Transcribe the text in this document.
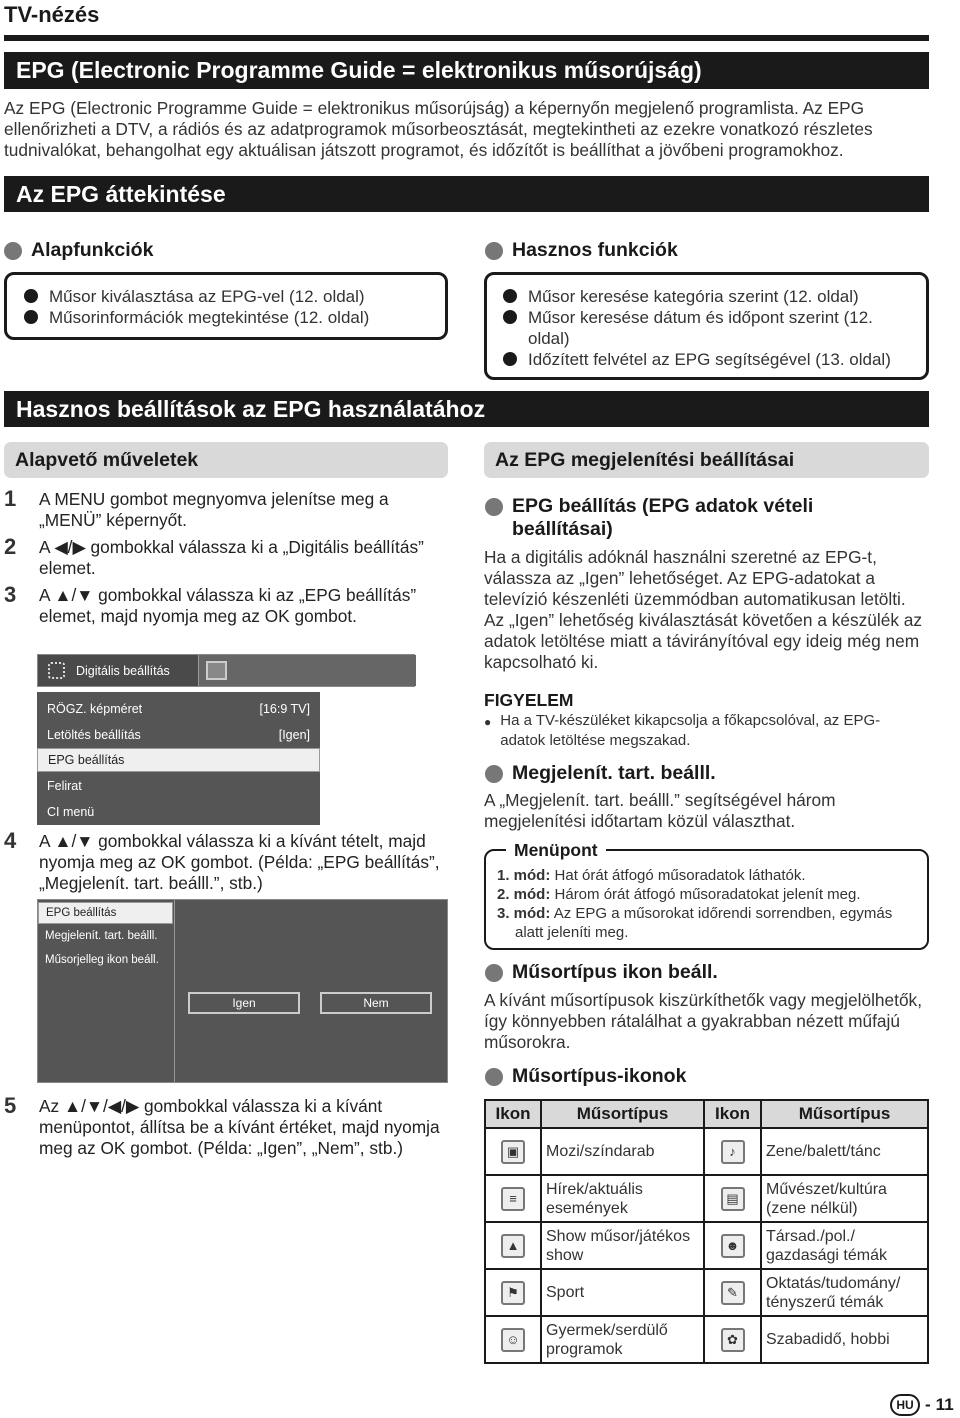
TV-nézés
EPG (Electronic Programme Guide = elektronikus műsorújság)
Az EPG (Electronic Programme Guide = elektronikus műsorújság) a képernyőn megjelenő programlista. Az EPG ellenőrizheti a DTV, a rádiós és az adatprogramok műsorbeosztását, megtekintheti az ezekre vonatkozó részletes tudnivalókat, behangolhat egy aktuálisan játszott programot, és időzítőt is beállíthat a jövőbeni programokhoz.
Az EPG áttekintése
Alapfunkciók
Műsor kiválasztása az EPG-vel (12. oldal)
Műsorinformációk megtekintése (12. oldal)
Hasznos funkciók
Műsor keresése kategória szerint (12. oldal)
Műsor keresése dátum és időpont szerint (12. oldal)
Időzített felvétel az EPG segítségével (13. oldal)
Hasznos beállítások az EPG használatához
Alapvető műveletek
1 A MENU gombot megnyomva jelenítse meg a „MENÜ” képernyőt.
2 A ◀/▶ gombokkal válassza ki a „Digitális beállítás” elemet.
3 A ▲/▼ gombokkal válassza ki az „EPG beállítás” elemet, majd nyomja meg az OK gombot.
Digitális beállítás
RÖGZ. képméret	[16:9 TV]
Letöltés beállítás	[Igen]
EPG beállítás
Felirat
CI menü
4 A ▲/▼ gombokkal válassza ki a kívánt tételt, majd nyomja meg az OK gombot. (Példa: „EPG beállítás”, „Megjelenít. tart. beálll.”, stb.)
EPG beállítás
Megjelenít. tart. beálll.
Műsorjelleg ikon beáll.
Igen	Nem
5 Az ▲/▼/◀/▶ gombokkal válassza ki a kívánt menüpontot, állítsa be a kívánt értéket, majd nyomja meg az OK gombot. (Példa: „Igen”, „Nem”, stb.)
Az EPG megjelenítési beállításai
EPG beállítás (EPG adatok vételi beállításai)
Ha a digitális adóknál használni szeretné az EPG-t, válassza az „Igen” lehetőséget. Az EPG-adatokat a televízió készenléti üzemmódban automatikusan letölti. Az „Igen” lehetőség kiválasztását követően a készülék az adatok letöltése miatt a távirányítóval egy ideig még nem kapcsolható ki.
FIGYELEM
● Ha a TV-készüléket kikapcsolja a főkapcsolóval, az EPG-adatok letöltése megszakad.
Megjelenít. tart. beálll.
A „Megjelenít. tart. beálll.” segítségével három megjelenítési időtartam közül választhat.
Menüpont
1. mód: Hat órát átfogó műsoradatok láthatók.
2. mód: Három órát átfogó műsoradatokat jelenít meg.
3. mód: Az EPG a műsorokat időrendi sorrendben, egymás alatt jeleníti meg.
Műsortípus ikon beáll.
A kívánt műsortípusok kiszürkíthetők vagy megjelölhetők, így könnyebben rátalálhat a gyakrabban nézett műfajú műsorokra.
Műsortípus-ikonok
Ikon	Műsortípus	Ikon	Műsortípus
▣	Mozi/színdarab	♪	Zene/balett/tánc
≡	Hírek/aktuális események	▤	Művészet/kultúra (zene nélkül)
▲	Show műsor/játékos show	☻	Társad./pol./ gazdasági témák
⚑	Sport	✎	Oktatás/tudomány/ tényszerű témák
☺	Gyermek/serdülő programok	✿	Szabadidő, hobbi
HU - 11
